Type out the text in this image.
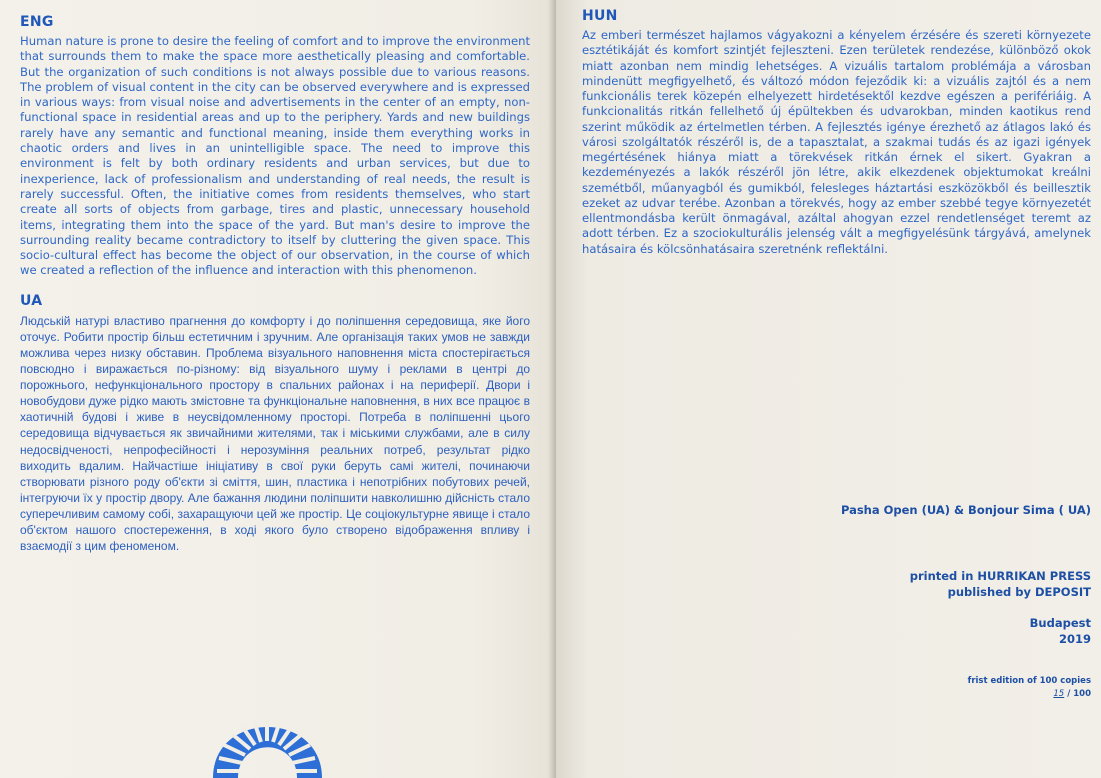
ENG

Human nature is prone to desire the feeling of comfort and to improve the environment that surrounds them to make the space more aesthetically pleasing and comfortable. But the organization of such conditions is not always possible due to various reasons. The problem of visual content in the city can be observed everywhere and is expressed in various ways: from visual noise and advertisements in the center of an empty, non-functional space in residential areas and up to the periphery. Yards and new buildings rarely have any semantic and functional meaning, inside them everything works in chaotic orders and lives in an unintelligible space. The need to improve this environment is felt by both ordinary residents and urban services, but due to inexperience, lack of professionalism and understanding of real needs, the result is rarely successful. Often, the initiative comes from residents themselves, who start create all sorts of objects from garbage, tires and plastic, unnecessary household items, integrating them into the space of the yard. But man's desire to improve the surrounding reality became contradictory to itself by cluttering the given space. This socio-cultural effect has become the object of our observation, in the course of which we created a reflection of the influence and interaction with this phenomenon.

UA

Людській натурі властиво прагнення до комфорту і до поліпшення середовища, яке його оточує. Робити простір більш естетичним і зручним. Але організація таких умов не завжди можлива через низку обставин. Проблема візуального наповнення міста спостерігається повсюдно і виражається по-різному: від візуального шуму і реклами в центрі до порожнього, нефункціонального простору в спальних районах і на периферії. Двори і новобудови дуже рідко мають змістовне та функціональне наповнення, в них все працює в хаотичній будові і живе в неусвідомленному просторі. Потреба в поліпшенні цього середовища відчувається як звичайними жителями, так і міськими службами, але в силу недосвідченості, непрофесійності і нерозуміння реальних потреб, результат рідко виходить вдалим. Найчастіше ініціативу в свої руки беруть самі жителі, починаючи створювати різного роду об'єкти зі сміття, шин, пластика і непотрібних побутових речей, інтегруючи їх у простір двору. Але бажання людини поліпшити навколишню дійсність стало суперечливим самому собі, захаращуючи цей же простір. Це соціокультурне явище і стало об'єктом нашого спостереження, в ході якого було створено відображення впливу і взаємодії з цим феноменом.

HUN

Az emberi természet hajlamos vágyakozni a kényelem érzésére és szereti környezete esztétikáját és komfort szintjét fejleszteni. Ezen területek rendezése, különböző okok miatt azonban nem mindig lehetséges. A vizuális tartalom problémája a városban mindenütt megfigyelhető, és változó módon fejeződik ki: a vizuális zajtól és a nem funkcionális terek közepén elhelyezett hirdetésektől kezdve egészen a perifériáig. A funkcionalitás ritkán fellelhető új épültekben és udvarokban, minden kaotikus rend szerint működik az értelmetlen térben. A fejlesztés igénye érezhető az átlagos lakó és városi szolgáltatók részéről is, de a tapasztalat, a szakmai tudás és az igazi igények megértésének hiánya miatt a törekvések ritkán érnek el sikert. Gyakran a kezdeményezés a lakók részéről jön létre, akik elkezdenek objektumokat kreálni szemétből, műanyagból és gumikból, felesleges háztartási eszközökből és beillesztik ezeket az udvar terébe. Azonban a törekvés, hogy az ember szebbé tegye környezetét ellentmondásba került önmagával, azáltal ahogyan ezzel rendetlenséget teremt az adott térben. Ez a szociokulturális jelenség vált a megfigyelésünk tárgyává, amelynek hatásaira és kölcsönhatásaira szeretnénk reflektálni.

Pasha Open (UA) & Bonjour Sima ( UA)
printed in HURRIKAN PRESS
published by DEPOSIT
Budapest
2019
frist edition of 100 copies
15 / 100
